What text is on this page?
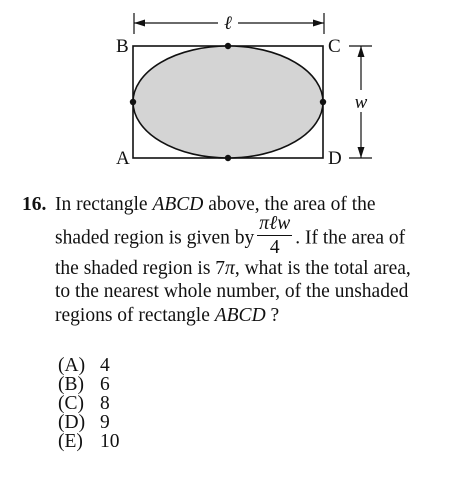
ℓ
B	C
A	D
w
16. In rectangle ABCD above, the area of the
shaded region is given by $\frac{\text{πℓw}}{4}$ . If the area of
the shaded region is 7π, what is the total area,
to the nearest whole number, of the unshaded
regions of rectangle ABCD ?
(A) 4
(B) 6
(C) 8
(D) 9
(E) 10
